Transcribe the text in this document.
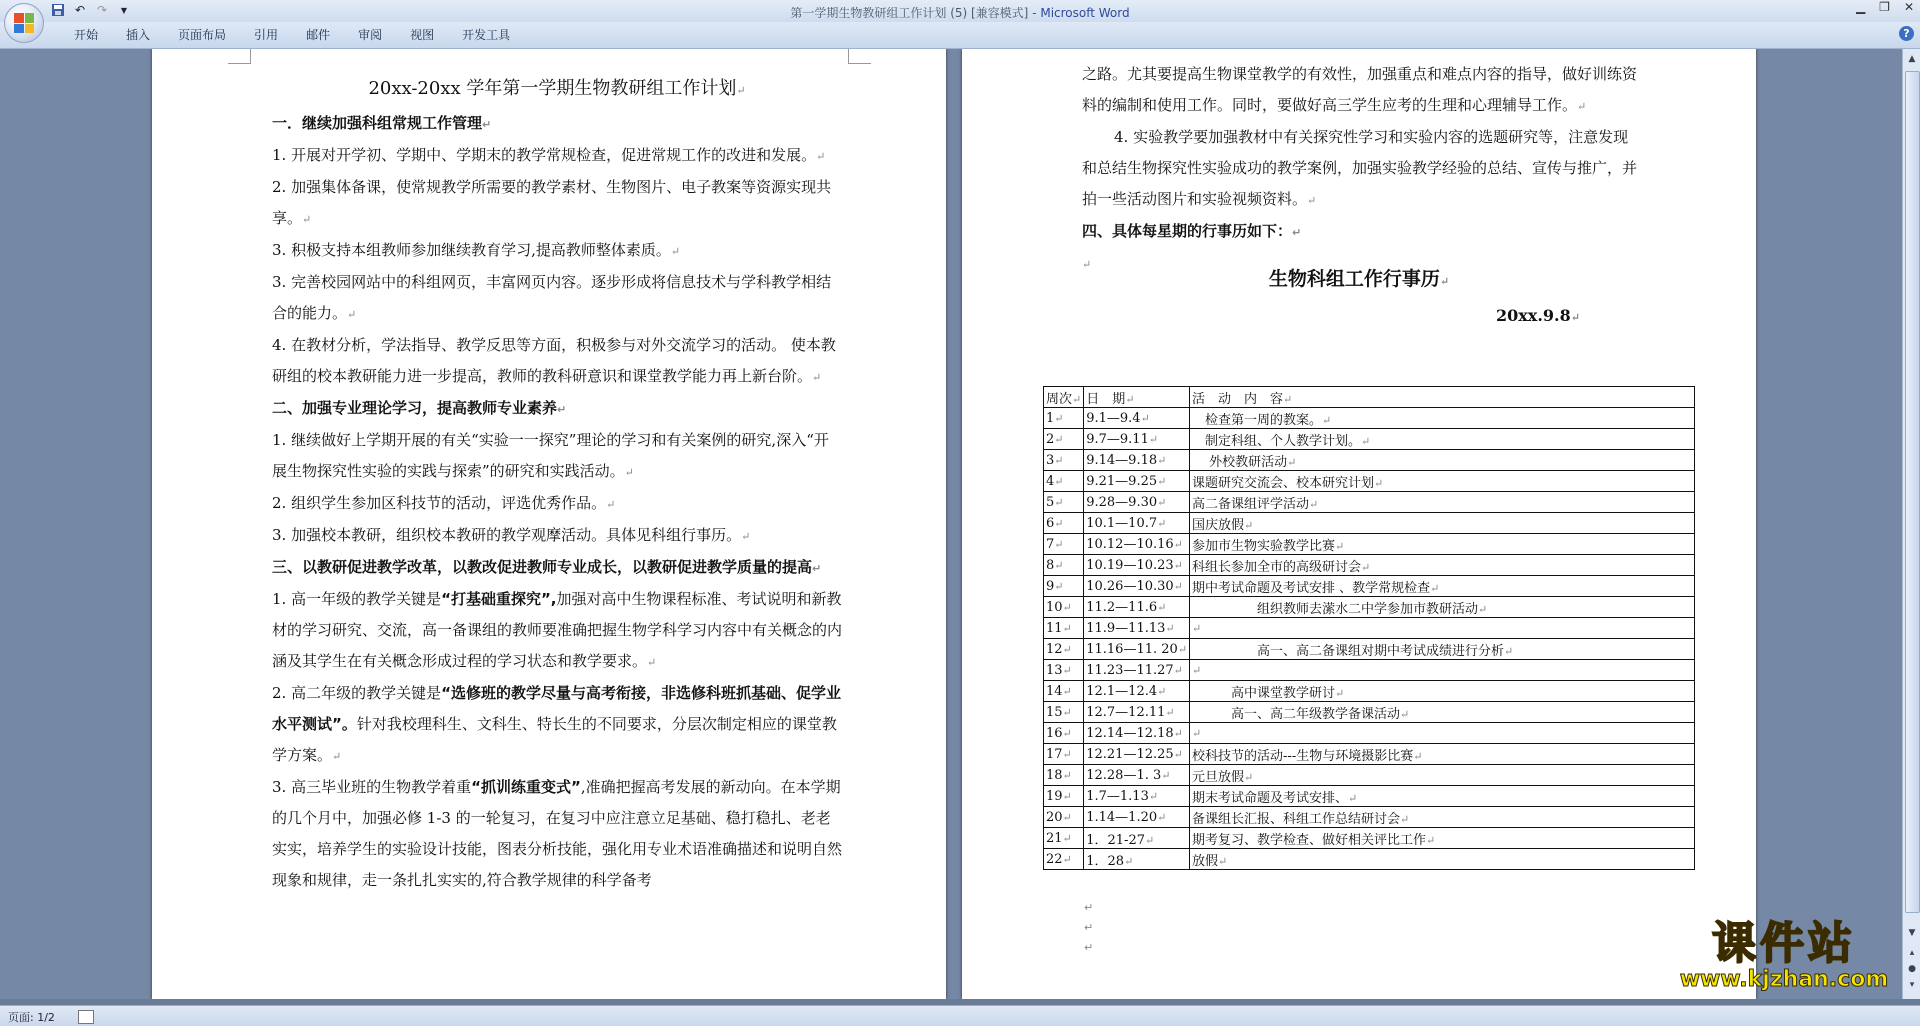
↶ ↷	▼	第一学期生物教研组工作计划 (5) [兼容模式] - Microsoft Word	▁ ❐ ✕
开始	插入	页面布局	引用	邮件	审阅	视图	开发工具	?
20xx-20xx 学年第一学期生物教研组工作计划↵
一．继续加强科组常规工作管理↵
1. 开展对开学初、学期中、学期末的教学常规检查，促进常规工作的改进和发展。↵
2. 加强集体备课，使常规教学所需要的教学素材、生物图片、电子教案等资源实现共享。↵
3. 积极支持本组教师参加继续教育学习,提高教师整体素质。↵
3. 完善校园网站中的科组网页，丰富网页内容。逐步形成将信息技术与学科教学相结合的能力。↵
4. 在教材分析，学法指导、教学反思等方面，积极参与对外交流学习的活动。 使本教研组的校本教研能力进一步提高，教师的教科研意识和课堂教学能力再上新台阶。↵
二、加强专业理论学习，提高教师专业素养↵
1. 继续做好上学期开展的有关“实验一一探究”理论的学习和有关案例的研究,深入“开展生物探究性实验的实践与探索”的研究和实践活动。↵
2. 组织学生参加区科技节的活动，评选优秀作品。↵
3. 加强校本教研，组织校本教研的教学观摩活动。具体见科组行事历。↵
三、以教研促进教学改革，以教改促进教师专业成长，以教研促进教学质量的提高↵
1. 高一年级的教学关键是“打基础重探究”,加强对高中生物课程标准、考试说明和新教材的学习研究、交流，高一备课组的教师要准确把握生物学科学习内容中有关概念的内涵及其学生在有关概念形成过程的学习状态和教学要求。↵
2. 高二年级的教学关键是“选修班的教学尽量与高考衔接，非选修科班抓基础、促学业水平测试”。针对我校理科生、文科生、特长生的不同要求，分层次制定相应的课堂教学方案。↵
3. 高三毕业班的生物教学着重“抓训练重变式”,准确把握高考发展的新动向。在本学期的几个月中，加强必修 1-3 的一轮复习，在复习中应注意立足基础、稳打稳扎、老老实实，培养学生的实验设计技能，图表分析技能，强化用专业术语准确描述和说明自然现象和规律，走一条扎扎实实的,符合教学规律的科学备考
之路。尤其要提高生物课堂教学的有效性，加强重点和难点内容的指导，做好训练资料的编制和使用工作。同时，要做好高三学生应考的生理和心理辅导工作。↵
4. 实验教学要加强教材中有关探究性学习和实验内容的选题研究等，注意发现和总结生物探究性实验成功的教学案例，加强实验教学经验的总结、宣传与推广，并拍一些活动图片和实验视频资料。↵
四、具体每星期的行事历如下：↵
↵
生物科组工作行事历↵
20xx.9.8↵
周次↵	日　期↵	活　动　内　容↵
1↵	9.1—9.4↵	　检查第一周的教案。↵
2↵	9.7—9.11↵	　制定科组、个人教学计划。↵
3↵	9.14—9.18↵	　 外校教研活动↵
4↵	9.21—9.25↵	课题研究交流会、校本研究计划↵
5↵	9.28—9.30↵	高二备课组评学活动↵
6↵	10.1—10.7↵	国庆放假↵
7↵	10.12—10.16↵	参加市生物实验教学比赛↵
8↵	10.19—10.23↵	科组长参加全市的高级研讨会↵
9↵	10.26—10.30↵	期中考试命题及考试安排 、教学常规检查↵
10↵	11.2—11.6↵	　　　　　组织教师去潆水二中学参加市教研活动↵
11↵	11.9—11.13↵	↵
12↵	11.16—11. 20↵	　　　　　高一、高二备课组对期中考试成绩进行分析↵
13↵	11.23—11.27↵	↵
14↵	12.1—12.4↵	　　　高中课堂教学研讨↵
15↵	12.7—12.11↵	　　　高一、高二年级教学备课活动↵
16↵	12.14—12.18↵	↵
17↵	12.21—12.25↵	校科技节的活动---生物与环境摄影比赛↵
18↵	12.28—1. 3↵	元旦放假↵
19↵	1.7—1.13↵	期末考试命题及考试安排、↵
20↵	1.14—1.20↵	备课组长汇报、科组工作总结研讨会↵
21↵	1．21-27↵	期考复习、教学检查、做好相关评比工作↵
22↵	1．28↵	放假↵
↵
↵
↵
▲
▼
▴
●
▾
页面: 1/2
课件站
www.kjzhan.com
